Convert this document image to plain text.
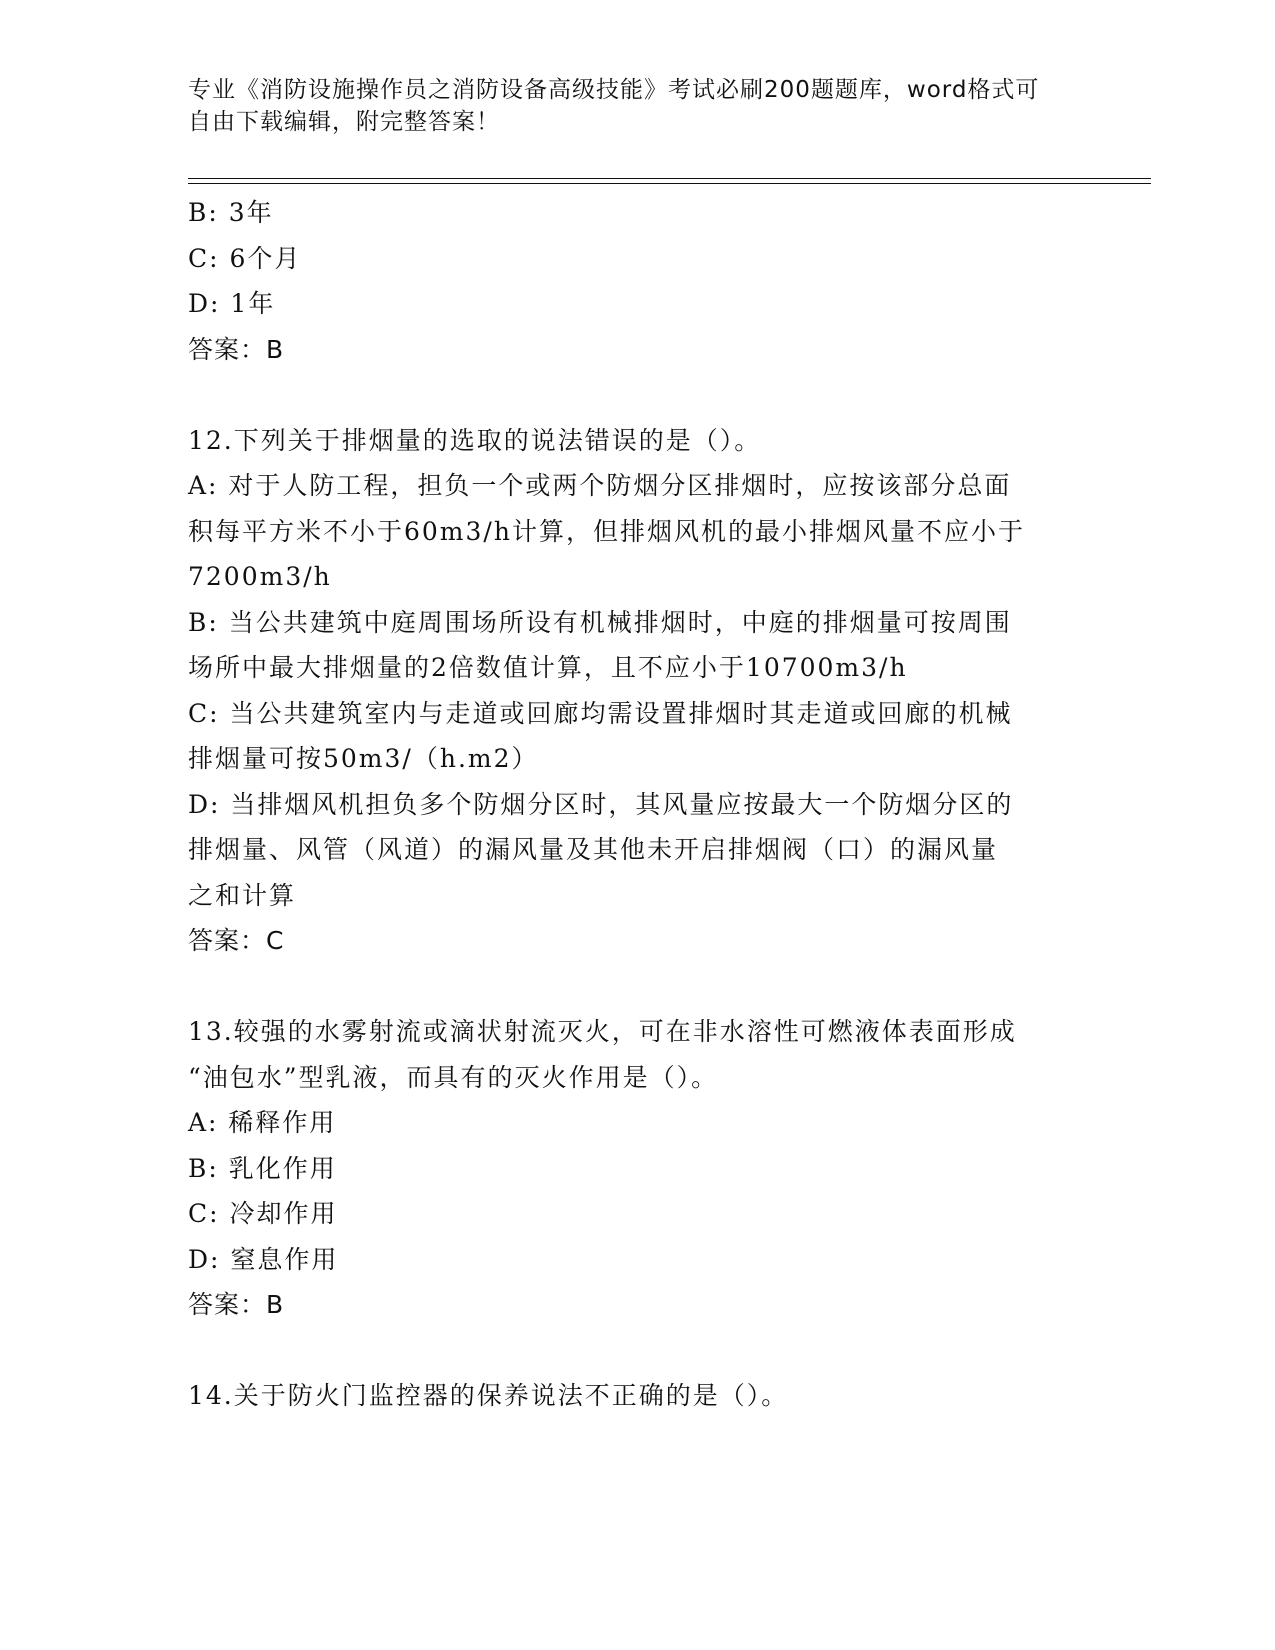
专业《消防设施操作员之消防设备高级技能》考试必刷200题题库，word格式可
自由下载编辑，附完整答案！
B: 3年
C: 6个月
D: 1年
答案：B
12.下列关于排烟量的选取的说法错误的是（）。
A: 对于人防工程，担负一个或两个防烟分区排烟时，应按该部分总面
积每平方米不小于60m3/h计算，但排烟风机的最小排烟风量不应小于
7200m3/h
B: 当公共建筑中庭周围场所设有机械排烟时，中庭的排烟量可按周围
场所中最大排烟量的2倍数值计算，且不应小于10700m3/h
C: 当公共建筑室内与走道或回廊均需设置排烟时其走道或回廊的机械
排烟量可按50m3/（h.m2）
D: 当排烟风机担负多个防烟分区时，其风量应按最大一个防烟分区的
排烟量、风管（风道）的漏风量及其他未开启排烟阀（口）的漏风量
之和计算
答案：C
13.较强的水雾射流或滴状射流灭火，可在非水溶性可燃液体表面形成
“油包水”型乳液，而具有的灭火作用是（）。
A: 稀释作用
B: 乳化作用
C: 冷却作用
D: 窒息作用
答案：B
14.关于防火门监控器的保养说法不正确的是（）。
